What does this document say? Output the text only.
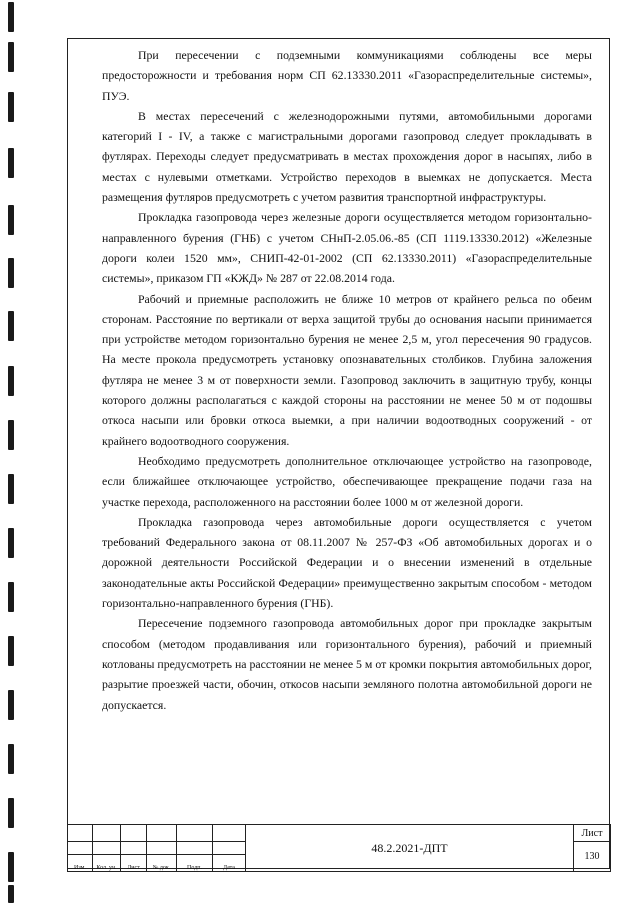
При пересечении с подземными коммуникациями соблюдены все меры предосторожности и требования норм СП 62.13330.2011 «Газораспределительные системы», ПУЭ.

В местах пересечений с железнодорожными путями, автомобильными дорогами категорий I - IV, а также с магистральными дорогами газопровод следует прокладывать в футлярах. Переходы следует предусматривать в местах прохождения дорог в насыпях, либо в местах с нулевыми отметками. Устройство переходов в выемках не допускается. Места размещения футляров предусмотреть с учетом развития транспортной инфраструктуры.

Прокладка газопровода через железные дороги осуществляется методом горизонтально-направленного бурения (ГНБ) с учетом СНнП-2.05.06.-85 (СП 1119.13330.2012) «Железные дороги колеи 1520 мм», СНИП-42-01-2002 (СП 62.13330.2011) «Газораспределительные системы», приказом ГП «КЖД» № 287 от 22.08.2014 года.

Рабочий и приемные расположить не ближе 10 метров от крайнего рельса по обеим сторонам. Расстояние по вертикали от верха защитой трубы до основания насыпи принимается при устройстве методом горизонтально бурения не менее 2,5 м, угол пересечения 90 градусов. На месте прокола предусмотреть установку опознавательных столбиков. Глубина заложения футляра не менее 3 м от поверхности земли. Газопровод заключить в защитную трубу, концы которого должны располагаться с каждой стороны на расстоянии не менее 50 м от подошвы откоса насыпи или бровки откоса выемки, а при наличии водоотводных сооружений - от крайнего водоотводного сооружения.

Необходимо предусмотреть дополнительное отключающее устройство на газопроводе, если ближайшее отключающее устройство, обеспечивающее прекращение подачи газа на участке перехода, расположенного на расстоянии более 1000 м от железной дороги.

Прокладка газопровода через автомобильные дороги осуществляется с учетом требований Федерального закона от 08.11.2007 № 257-ФЗ «Об автомобильных дорогах и о дорожной деятельности Российской Федерации и о внесении изменений в отдельные законодательные акты Российской Федерации» преимущественно закрытым способом - методом горизонтально-направленного бурения (ГНБ).

Пересечение подземного газопровода автомобильных дорог при прокладке закрытым способом (методом продавливания или горизонтального бурения), рабочий и приемный котлованы предусмотреть на расстоянии не менее 5 м от кромки покрытия автомобильных дорог, разрытие проезжей части, обочин, откосов насыпи земляного полотна автомобильной дороги не допускается.

						48.2.2021-ДПТ	Лист
							130
Изм.	Кол. уч.	Лист	№ док.	Подп.	Дата		
